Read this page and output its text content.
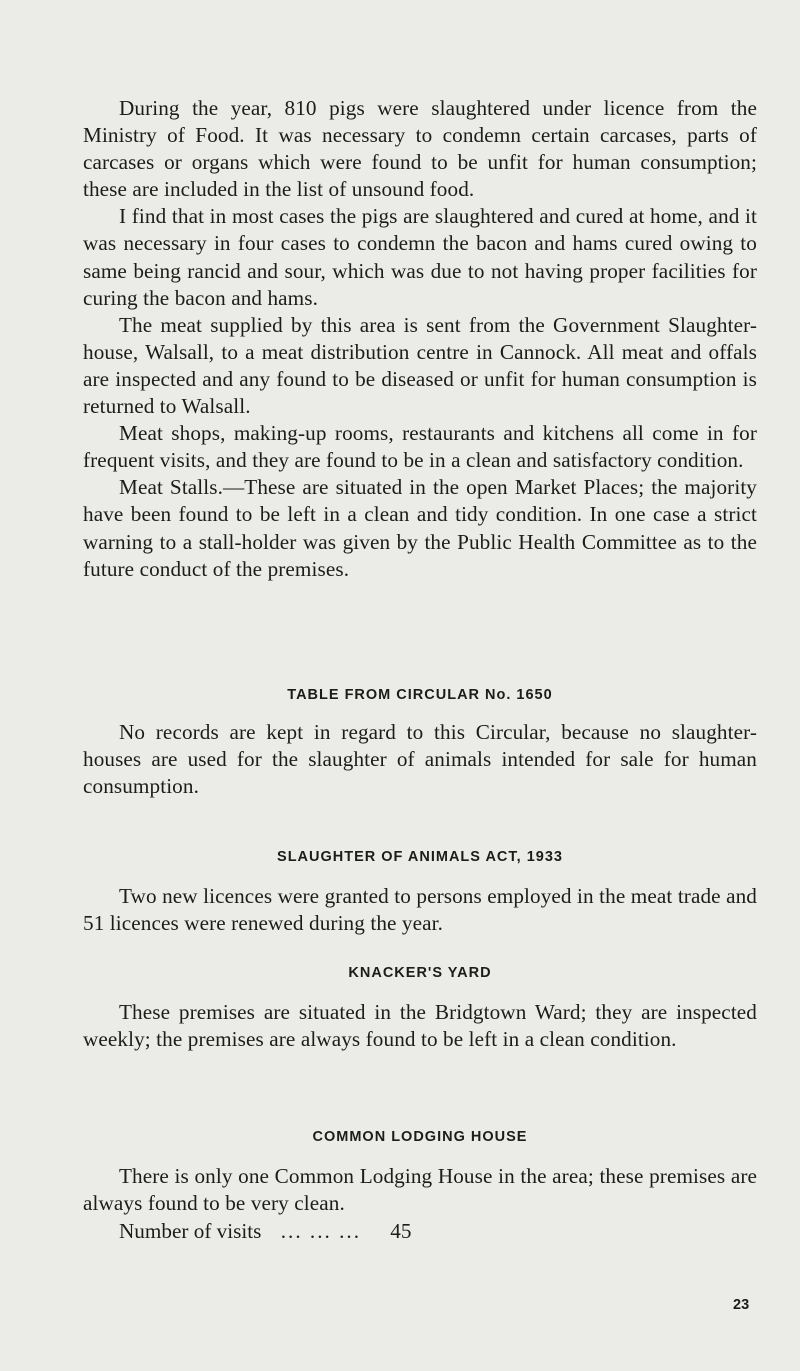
During the year, 810 pigs were slaughtered under licence from the Ministry of Food. It was necessary to condemn certain carcases, parts of carcases or organs which were found to be unfit for human consumption; these are included in the list of unsound food.

I find that in most cases the pigs are slaughtered and cured at home, and it was necessary in four cases to condemn the bacon and hams cured owing to same being rancid and sour, which was due to not having proper facilities for curing the bacon and hams.

The meat supplied by this area is sent from the Government Slaughter-house, Walsall, to a meat distribution centre in Cannock. All meat and offals are inspected and any found to be diseased or unfit for human consumption is returned to Walsall.

Meat shops, making-up rooms, restaurants and kitchens all come in for frequent visits, and they are found to be in a clean and satisfactory condition.

Meat Stalls.—These are situated in the open Market Places; the majority have been found to be left in a clean and tidy condition. In one case a strict warning to a stall-holder was given by the Public Health Committee as to the future conduct of the premises.

TABLE FROM CIRCULAR No. 1650

No records are kept in regard to this Circular, because no slaughter-houses are used for the slaughter of animals intended for sale for human consumption.

SLAUGHTER OF ANIMALS ACT, 1933

Two new licences were granted to persons employed in the meat trade and 51 licences were renewed during the year.

KNACKER'S YARD

These premises are situated in the Bridgtown Ward; they are inspected weekly; the premises are always found to be left in a clean condition.

COMMON LODGING HOUSE

There is only one Common Lodging House in the area; these premises are always found to be very clean.

Number of visits ... ... ... 45
23
